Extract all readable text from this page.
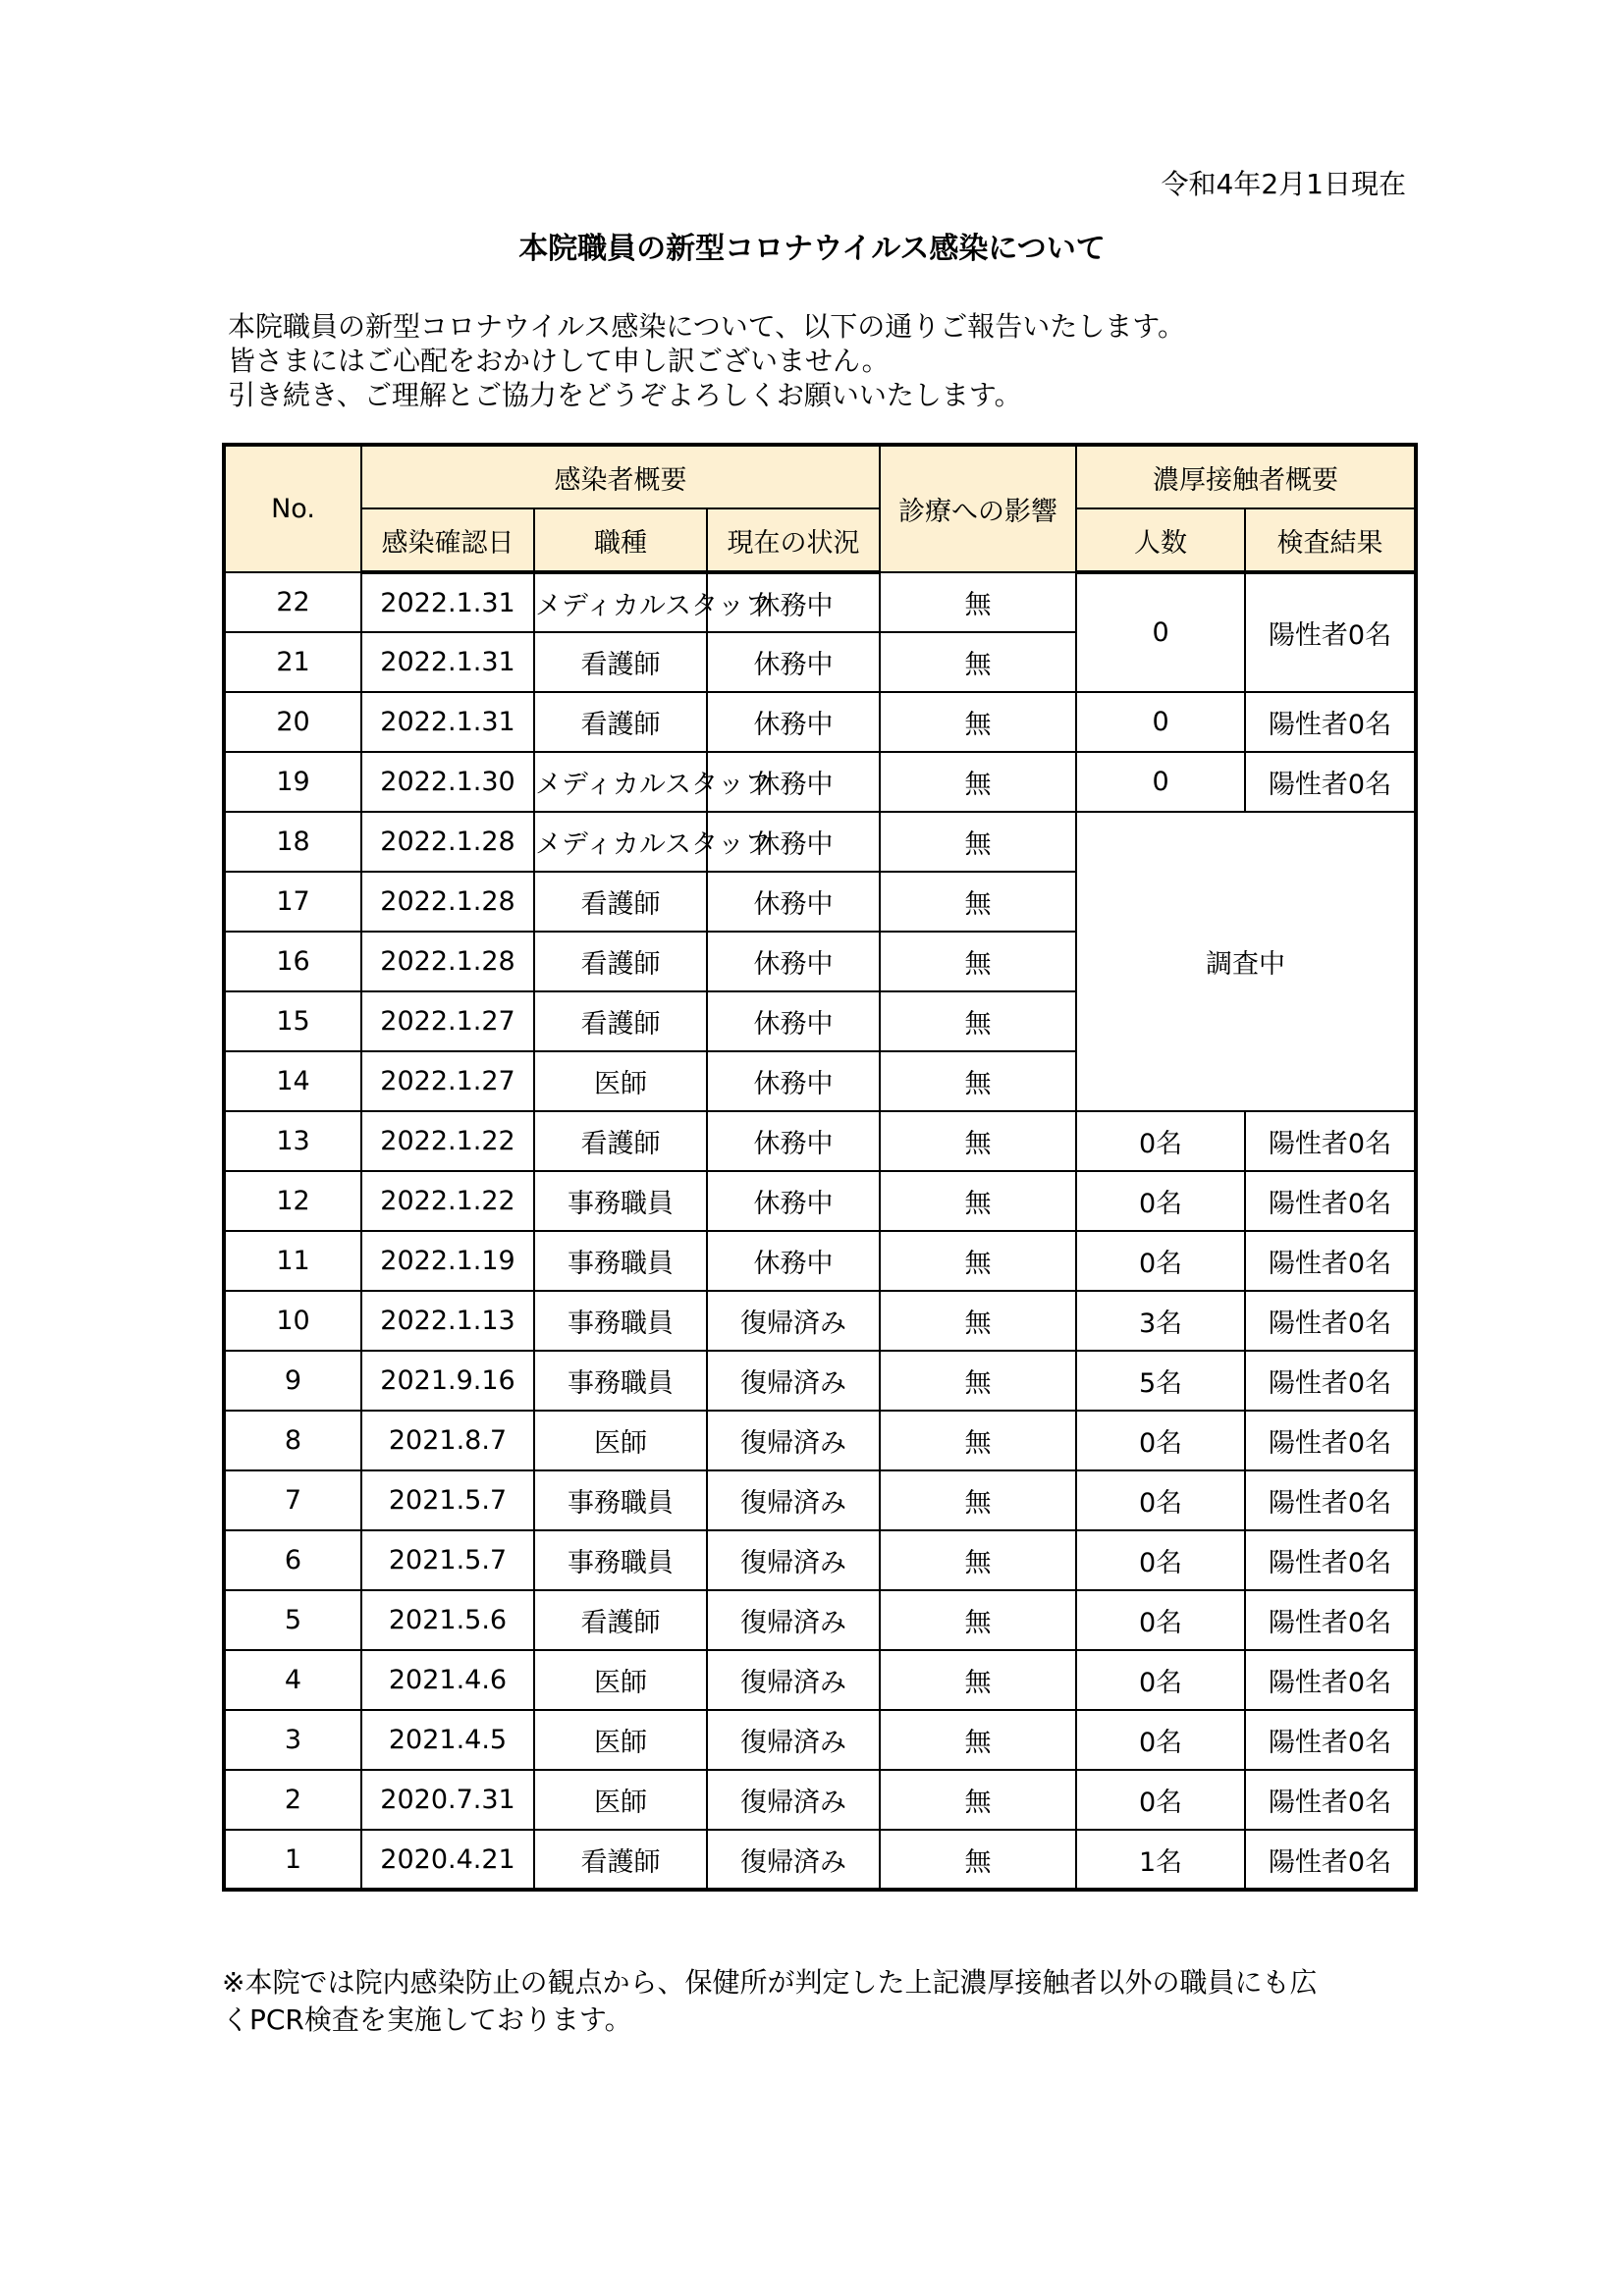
令和4年2月1日現在
本院職員の新型コロナウイルス感染について
本院職員の新型コロナウイルス感染について、以下の通りご報告いたします。
皆さまにはご心配をおかけして申し訳ございません。
引き続き、ご理解とご協力をどうぞよろしくお願いいたします。
No.	感染者概要			診療への影響	濃厚接触者概要	
	感染確認日	職種	現在の状況		人数	検査結果
22	2022.1.31	メディカルスタッフ	休務中	無	0	陽性者0名
21	2022.1.31	看護師	休務中	無		
20	2022.1.31	看護師	休務中	無	0	陽性者0名
19	2022.1.30	メディカルスタッフ	休務中	無	0	陽性者0名
18	2022.1.28	メディカルスタッフ	休務中	無	調査中	
17	2022.1.28	看護師	休務中	無		
16	2022.1.28	看護師	休務中	無		
15	2022.1.27	看護師	休務中	無		
14	2022.1.27	医師	休務中	無		
13	2022.1.22	看護師	休務中	無	0名	陽性者0名
12	2022.1.22	事務職員	休務中	無	0名	陽性者0名
11	2022.1.19	事務職員	休務中	無	0名	陽性者0名
10	2022.1.13	事務職員	復帰済み	無	3名	陽性者0名
9	2021.9.16	事務職員	復帰済み	無	5名	陽性者0名
8	2021.8.7	医師	復帰済み	無	0名	陽性者0名
7	2021.5.7	事務職員	復帰済み	無	0名	陽性者0名
6	2021.5.7	事務職員	復帰済み	無	0名	陽性者0名
5	2021.5.6	看護師	復帰済み	無	0名	陽性者0名
4	2021.4.6	医師	復帰済み	無	0名	陽性者0名
3	2021.4.5	医師	復帰済み	無	0名	陽性者0名
2	2020.7.31	医師	復帰済み	無	0名	陽性者0名
1	2020.4.21	看護師	復帰済み	無	1名	陽性者0名
※本院では院内感染防止の観点から、保健所が判定した上記濃厚接触者以外の職員にも広
くPCR検査を実施しております。
